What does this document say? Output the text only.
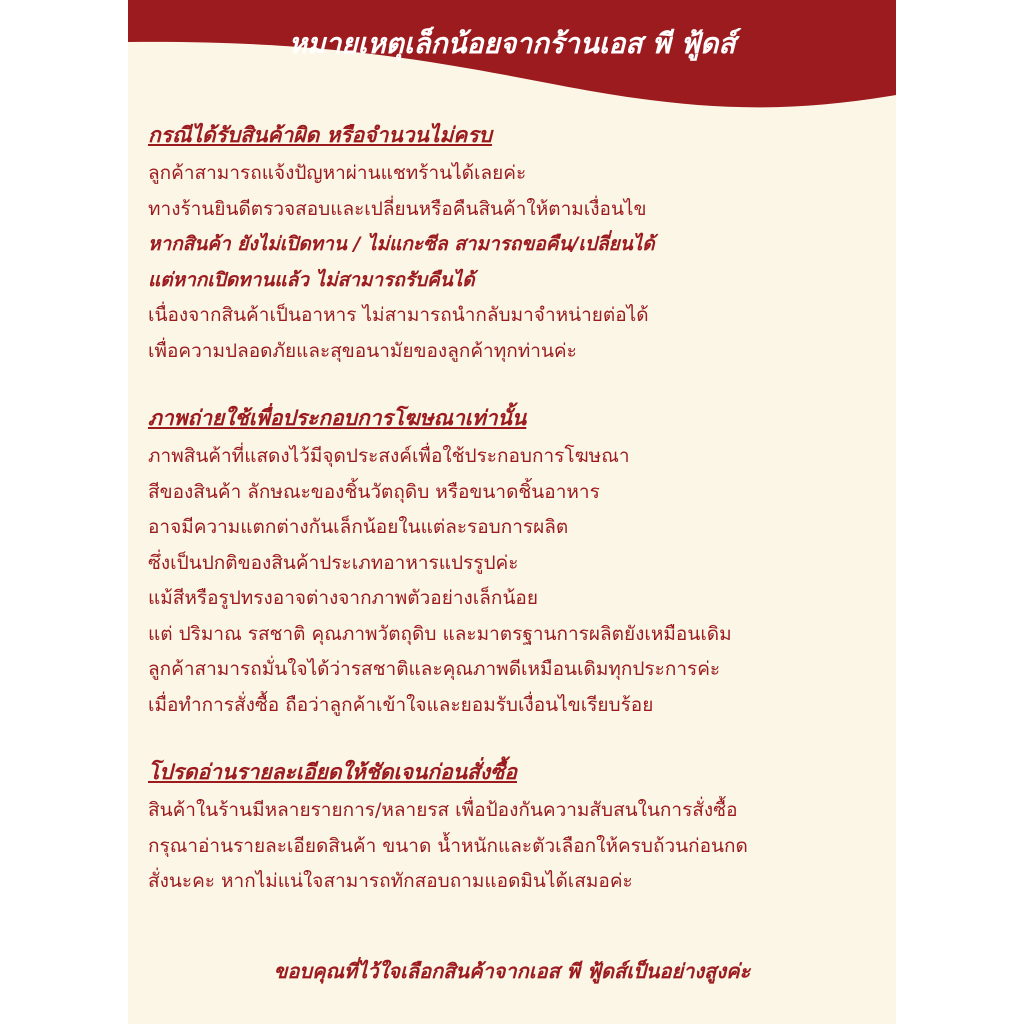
หมายเหตุเล็กน้อยจากร้านเอส พี ฟู้ดส์
กรณีได้รับสินค้าผิด หรือจำนวนไม่ครบ

ลูกค้าสามารถแจ้งปัญหาผ่านแชทร้านได้เลยค่ะ

ทางร้านยินดีตรวจสอบและเปลี่ยนหรือคืนสินค้าให้ตามเงื่อนไข

หากสินค้า ยังไม่เปิดทาน / ไม่แกะซีล สามารถขอคืน/เปลี่ยนได้

แต่หากเปิดทานแล้ว ไม่สามารถรับคืนได้

เนื่องจากสินค้าเป็นอาหาร ไม่สามารถนำกลับมาจำหน่ายต่อได้

เพื่อความปลอดภัยและสุขอนามัยของลูกค้าทุกท่านค่ะ

ภาพถ่ายใช้เพื่อประกอบการโฆษณาเท่านั้น

ภาพสินค้าที่แสดงไว้มีจุดประสงค์เพื่อใช้ประกอบการโฆษณา

สีของสินค้า ลักษณะของชิ้นวัตถุดิบ หรือขนาดชิ้นอาหาร

อาจมีความแตกต่างกันเล็กน้อยในแต่ละรอบการผลิต

ซึ่งเป็นปกติของสินค้าประเภทอาหารแปรรูปค่ะ

แม้สีหรือรูปทรงอาจต่างจากภาพตัวอย่างเล็กน้อย

แต่ ปริมาณ รสชาติ คุณภาพวัตถุดิบ และมาตรฐานการผลิตยังเหมือนเดิม

ลูกค้าสามารถมั่นใจได้ว่ารสชาติและคุณภาพดีเหมือนเดิมทุกประการค่ะ

เมื่อทำการสั่งซื้อ ถือว่าลูกค้าเข้าใจและยอมรับเงื่อนไขเรียบร้อย

โปรดอ่านรายละเอียดให้ชัดเจนก่อนสั่งซื้อ

สินค้าในร้านมีหลายรายการ/หลายรส เพื่อป้องกันความสับสนในการสั่งซื้อ

กรุณาอ่านรายละเอียดสินค้า ขนาด น้ำหนักและตัวเลือกให้ครบถ้วนก่อนกด

สั่งนะคะ หากไม่แน่ใจสามารถทักสอบถามแอดมินได้เสมอค่ะ

ขอบคุณที่ไว้ใจเลือกสินค้าจากเอส พี ฟู้ดส์เป็นอย่างสูงค่ะ
